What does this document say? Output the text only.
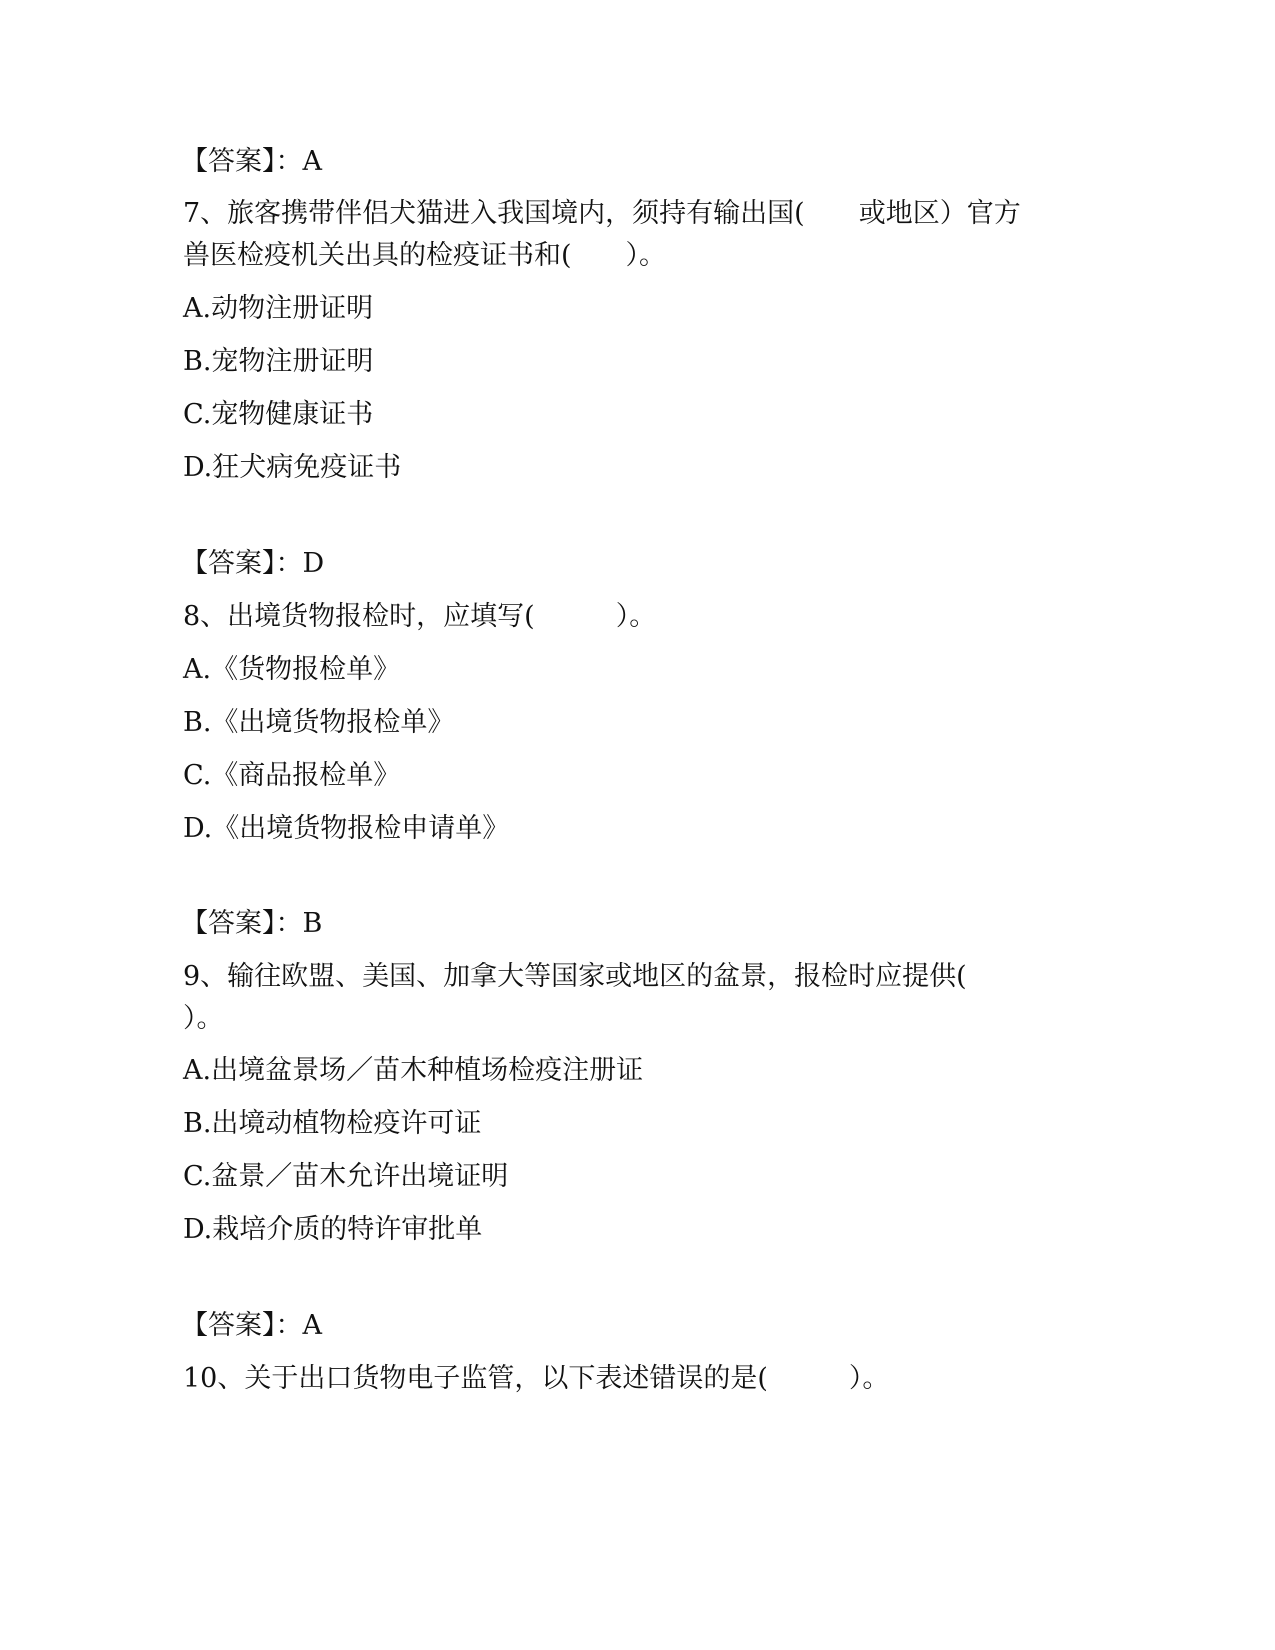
【答案】：A
7、旅客携带伴侣犬猫进入我国境内，须持有输出国(　　或地区）官方
兽医检疫机关出具的检疫证书和(　　）。
A.动物注册证明
B.宠物注册证明
C.宠物健康证书
D.狂犬病免疫证书
【答案】：D
8、出境货物报检时，应填写(　　　）。
A.《货物报检单》
B.《出境货物报检单》
C.《商品报检单》
D.《出境货物报检申请单》
【答案】：B
9、输往欧盟、美国、加拿大等国家或地区的盆景，报检时应提供(
）。
A.出境盆景场／苗木种植场检疫注册证
B.出境动植物检疫许可证
C.盆景／苗木允许出境证明
D.栽培介质的特许审批单
【答案】：A
10、关于出口货物电子监管，以下表述错误的是(　　　）。
